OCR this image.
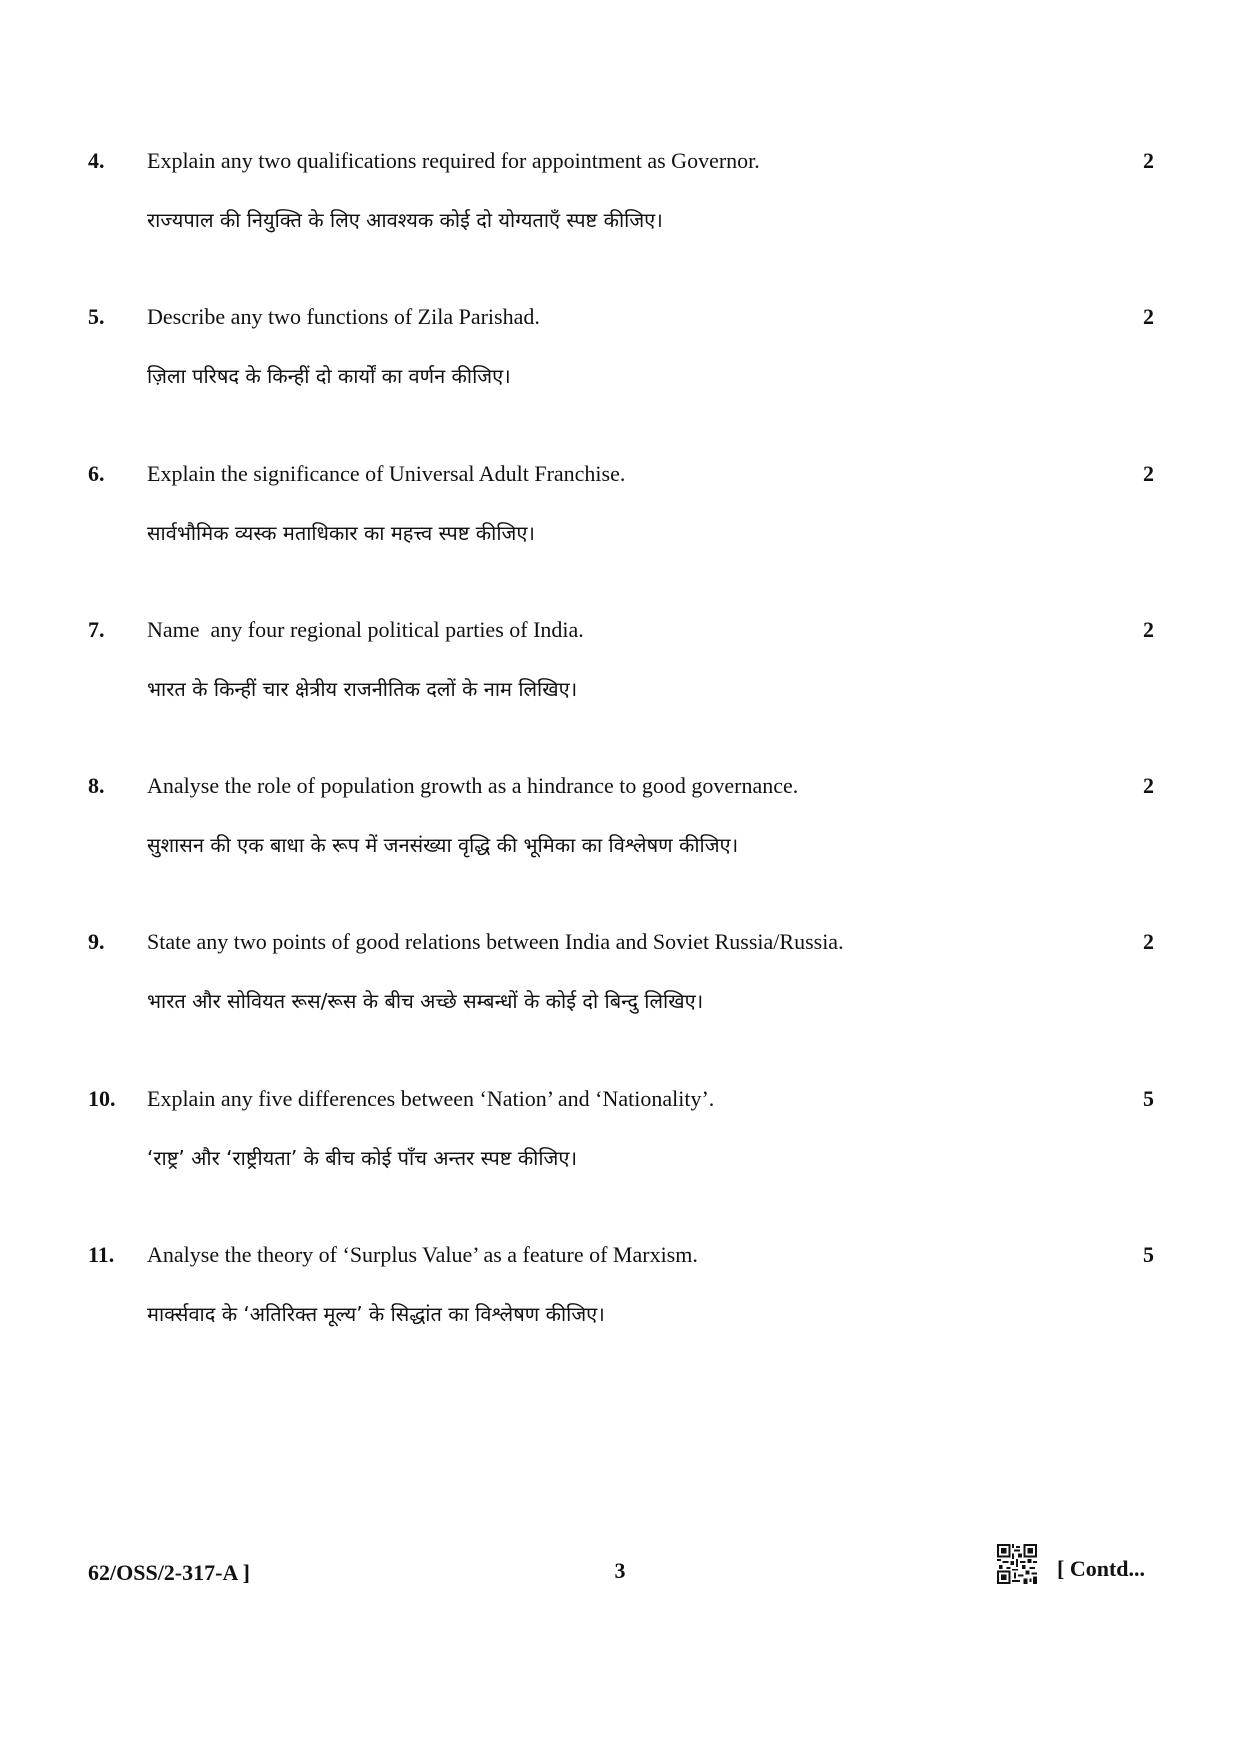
4. Explain any two qualifications required for appointment as Governor.
राज्यपाल की नियुक्ति के लिए आवश्यक कोई दो योग्यताएँ स्पष्ट कीजिए।
2
5. Describe any two functions of Zila Parishad.
ज़िला परिषद के किन्हीं दो कार्यों का वर्णन कीजिए।
2
6. Explain the significance of Universal Adult Franchise.
सार्वभौमिक व्यस्क मताधिकार का महत्त्व स्पष्ट कीजिए।
2
7. Name  any four regional political parties of India.
भारत के किन्हीं चार क्षेत्रीय राजनीतिक दलों के नाम लिखिए।
2
8. Analyse the role of population growth as a hindrance to good governance.
सुशासन की एक बाधा के रूप में जनसंख्या वृद्धि की भूमिका का विश्लेषण कीजिए।
2
9. State any two points of good relations between India and Soviet Russia/Russia.
भारत और सोवियत रूस/रूस के बीच अच्छे सम्बन्धों के कोई दो बिन्दु लिखिए।
2
10. Explain any five differences between ‘Nation’ and ‘Nationality’.
‘राष्ट्र’ और ‘राष्ट्रीयता’ के बीच कोई पाँच अन्तर स्पष्ट कीजिए।
5
11. Analyse the theory of ‘Surplus Value’ as a feature of Marxism.
मार्क्सवाद के ‘अतिरिक्त मूल्य’ के सिद्धांत का विश्लेषण कीजिए।
5
62/OSS/2-317-A ]	3	[ Contd...
